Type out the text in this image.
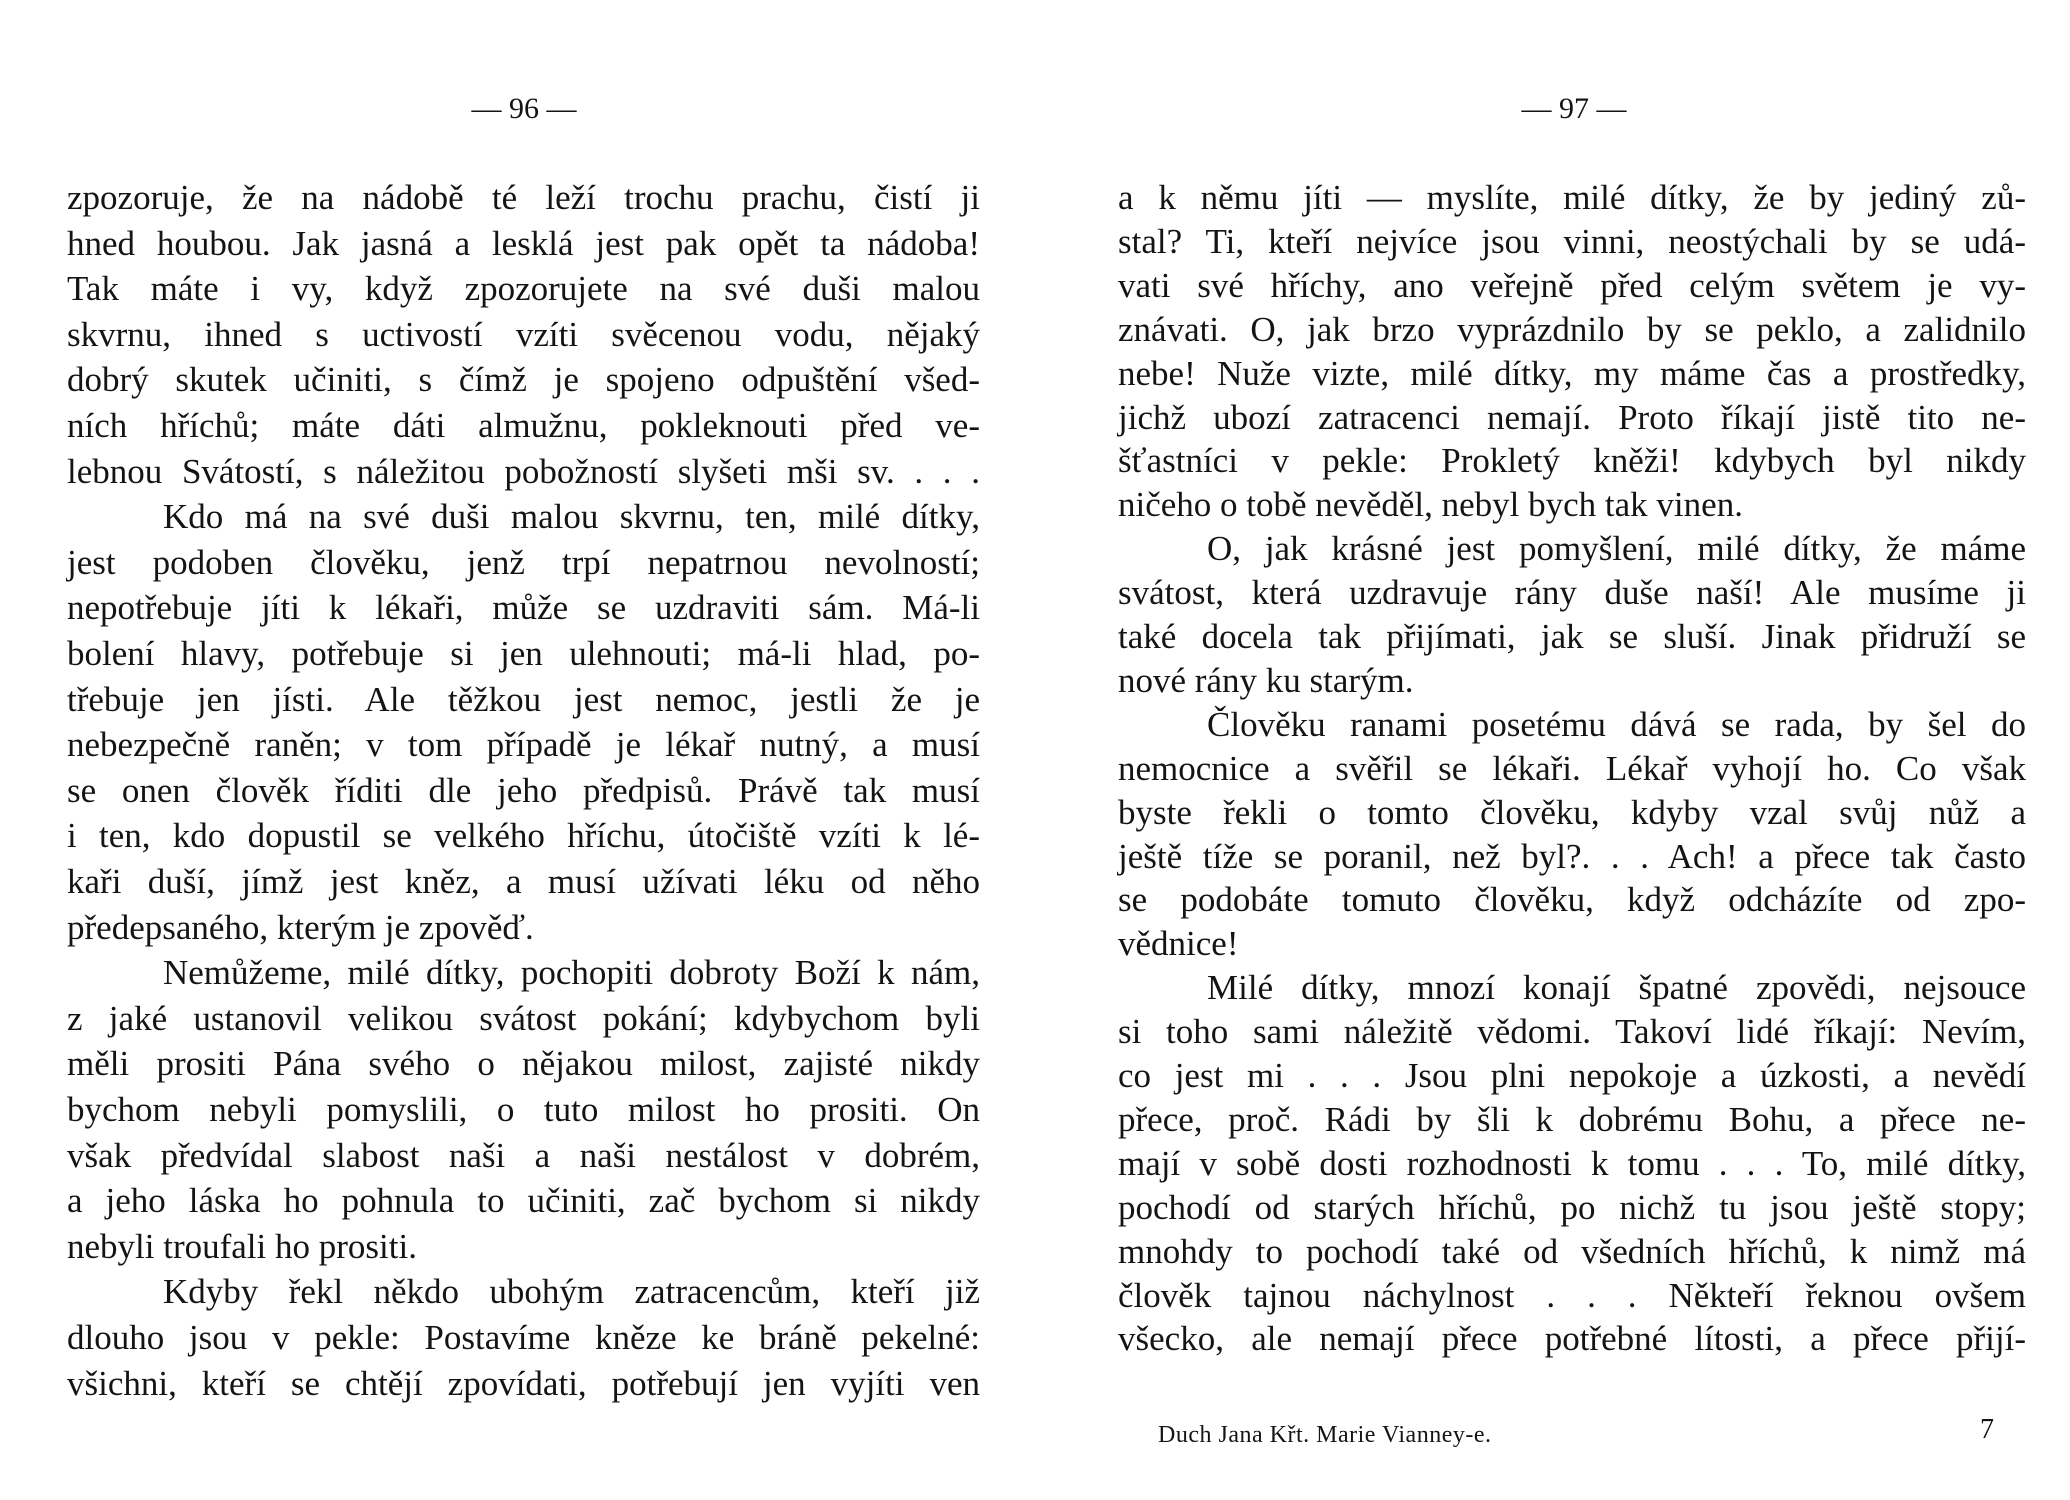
— 96 —
zpozoruje, že na nádobě té leží trochu prachu, čistí ji
hned houbou. Jak jasná a lesklá jest pak opět ta nádoba!
Tak máte i vy, když zpozorujete na své duši malou
skvrnu, ihned s uctivostí vzíti svěcenou vodu, nějaký
dobrý skutek učiniti, s čímž je spojeno odpuštění všed-
ních hříchů; máte dáti almužnu, pokleknouti před ve-
lebnou Svátostí, s náležitou pobožností slyšeti mši sv. . . .
Kdo má na své duši malou skvrnu, ten, milé dítky,
jest podoben člověku, jenž trpí nepatrnou nevolností;
nepotřebuje jíti k lékaři, může se uzdraviti sám. Má-li
bolení hlavy, potřebuje si jen ulehnouti; má-li hlad, po-
třebuje jen jísti. Ale těžkou jest nemoc, jestli že je
nebezpečně raněn; v tom případě je lékař nutný, a musí
se onen člověk říditi dle jeho předpisů. Právě tak musí
i ten, kdo dopustil se velkého hříchu, útočiště vzíti k lé-
kaři duší, jímž jest kněz, a musí užívati léku od něho
předepsaného, kterým je zpověď.
Nemůžeme, milé dítky, pochopiti dobroty Boží k nám,
z jaké ustanovil velikou svátost pokání; kdybychom byli
měli prositi Pána svého o nějakou milost, zajisté nikdy
bychom nebyli pomyslili, o tuto milost ho prositi. On
však předvídal slabost naši a naši nestálost v dobrém,
a jeho láska ho pohnula to učiniti, zač bychom si nikdy
nebyli troufali ho prositi.
Kdyby řekl někdo ubohým zatracencům, kteří již
dlouho jsou v pekle: Postavíme kněze ke bráně pekelné:
všichni, kteří se chtějí zpovídati, potřebují jen vyjíti ven
— 97 —
a k němu jíti — myslíte, milé dítky, že by jediný zů-
stal? Ti, kteří nejvíce jsou vinni, neostýchali by se udá-
vati své hříchy, ano veřejně před celým světem je vy-
znávati. O, jak brzo vyprázdnilo by se peklo, a zalidnilo
nebe! Nuže vizte, milé dítky, my máme čas a prostředky,
jichž ubozí zatracenci nemají. Proto říkají jistě tito ne-
šťastníci v pekle: Prokletý kněži! kdybych byl nikdy
ničeho o tobě nevěděl, nebyl bych tak vinen.
O, jak krásné jest pomyšlení, milé dítky, že máme
svátost, která uzdravuje rány duše naší! Ale musíme ji
také docela tak přijímati, jak se sluší. Jinak přidruží se
nové rány ku starým.
Člověku ranami posetému dává se rada, by šel do
nemocnice a svěřil se lékaři. Lékař vyhojí ho. Co však
byste řekli o tomto člověku, kdyby vzal svůj nůž a
ještě tíže se poranil, než byl?. . . Ach! a přece tak často
se podobáte tomuto člověku, když odcházíte od zpo-
vědnice!
Milé dítky, mnozí konají špatné zpovědi, nejsouce
si toho sami náležitě vědomi. Takoví lidé říkají: Nevím,
co jest mi . . . Jsou plni nepokoje a úzkosti, a nevědí
přece, proč. Rádi by šli k dobrému Bohu, a přece ne-
mají v sobě dosti rozhodnosti k tomu . . . To, milé dítky,
pochodí od starých hříchů, po nichž tu jsou ještě stopy;
mnohdy to pochodí také od všedních hříchů, k nimž má
člověk tajnou náchylnost . . . Někteří řeknou ovšem
všecko, ale nemají přece potřebné lítosti, a přece přijí-
Duch Jana Křt. Marie Vianney-e.	7
